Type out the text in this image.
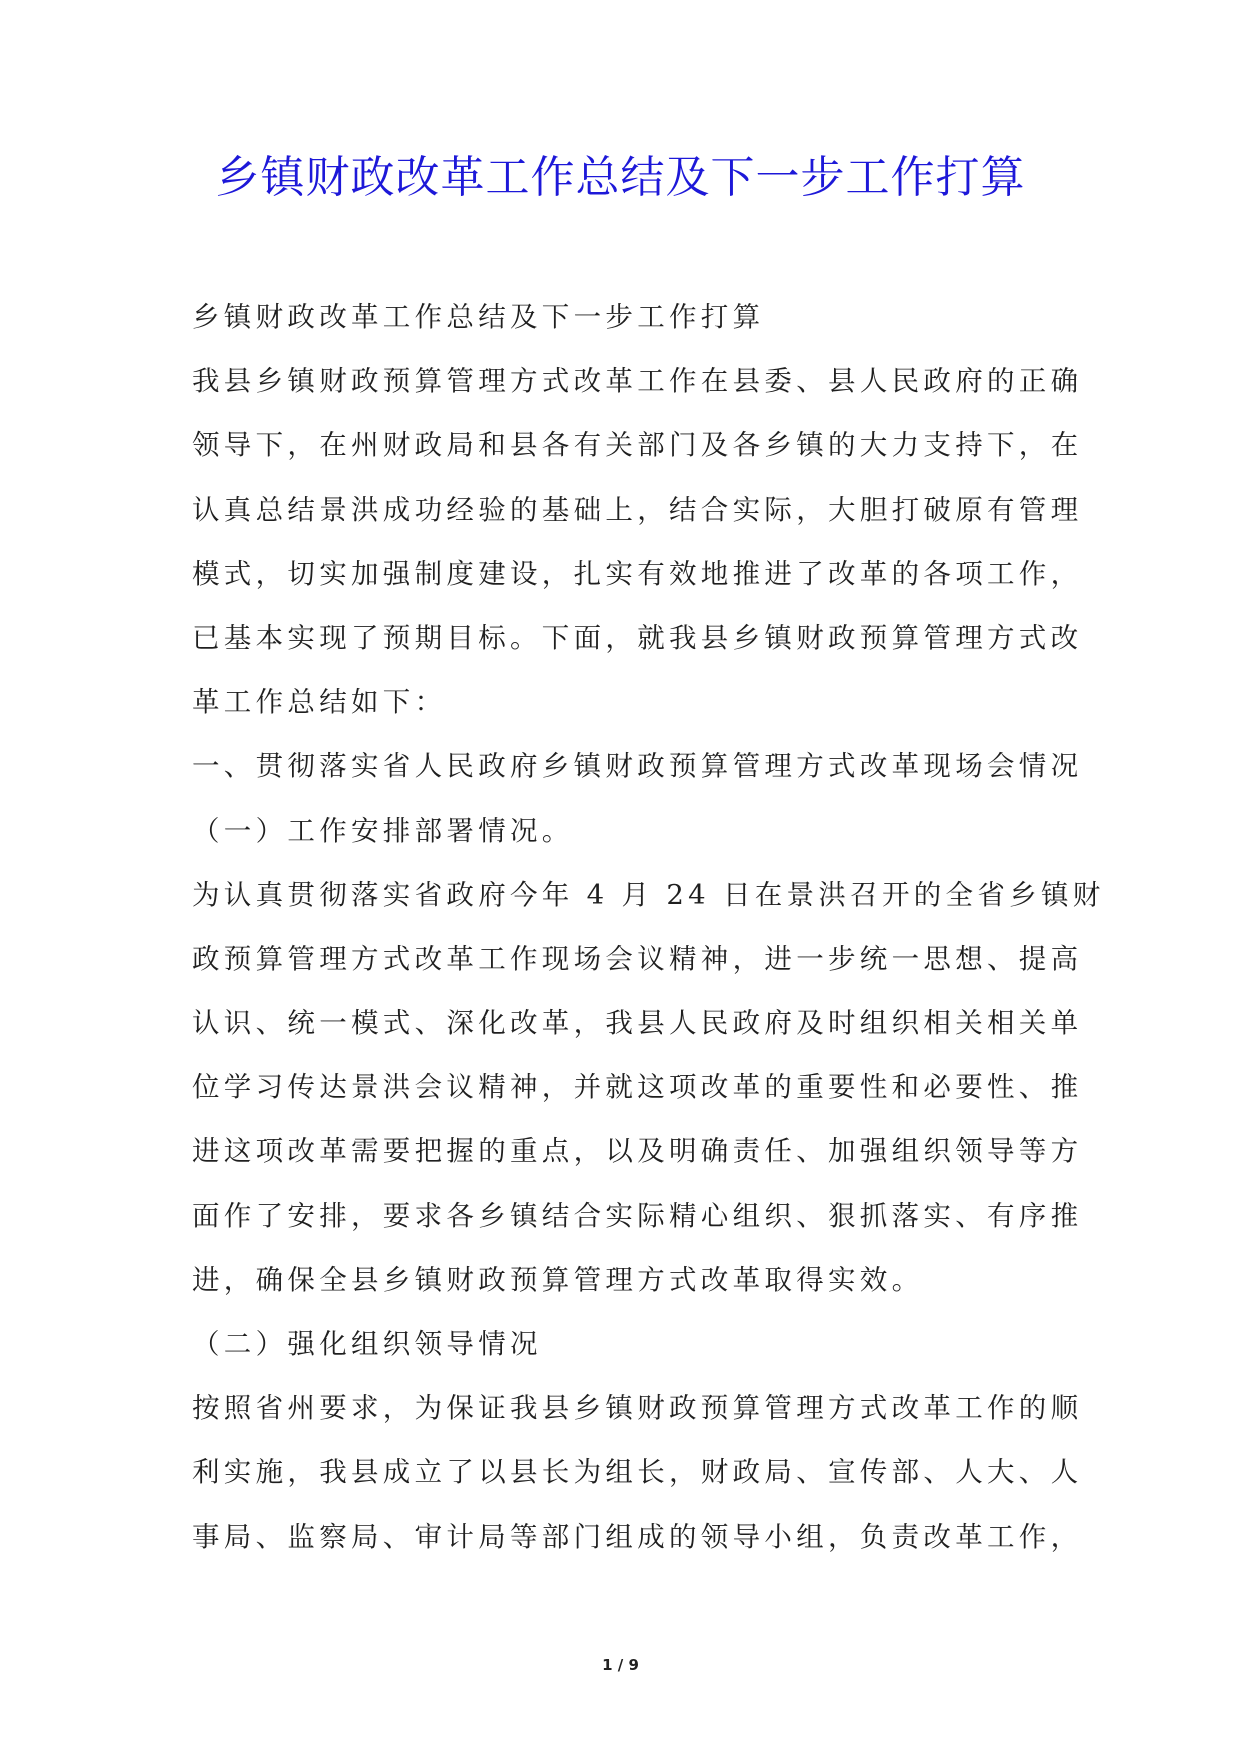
乡镇财政改革工作总结及下一步工作打算
乡镇财政改革工作总结及下一步工作打算
我县乡镇财政预算管理方式改革工作在县委、县人民政府的正确
领导下，在州财政局和县各有关部门及各乡镇的大力支持下，在
认真总结景洪成功经验的基础上，结合实际，大胆打破原有管理
模式，切实加强制度建设，扎实有效地推进了改革的各项工作，
已基本实现了预期目标。下面，就我县乡镇财政预算管理方式改
革工作总结如下：
一、贯彻落实省人民政府乡镇财政预算管理方式改革现场会情况
（一）工作安排部署情况。
为认真贯彻落实省政府今年 4 月 24 日在景洪召开的全省乡镇财
政预算管理方式改革工作现场会议精神，进一步统一思想、提高
认识、统一模式、深化改革，我县人民政府及时组织相关相关单
位学习传达景洪会议精神，并就这项改革的重要性和必要性、推
进这项改革需要把握的重点，以及明确责任、加强组织领导等方
面作了安排，要求各乡镇结合实际精心组织、狠抓落实、有序推
进，确保全县乡镇财政预算管理方式改革取得实效。
（二）强化组织领导情况
按照省州要求，为保证我县乡镇财政预算管理方式改革工作的顺
利实施，我县成立了以县长为组长，财政局、宣传部、人大、人
事局、监察局、审计局等部门组成的领导小组，负责改革工作，
1 / 9
